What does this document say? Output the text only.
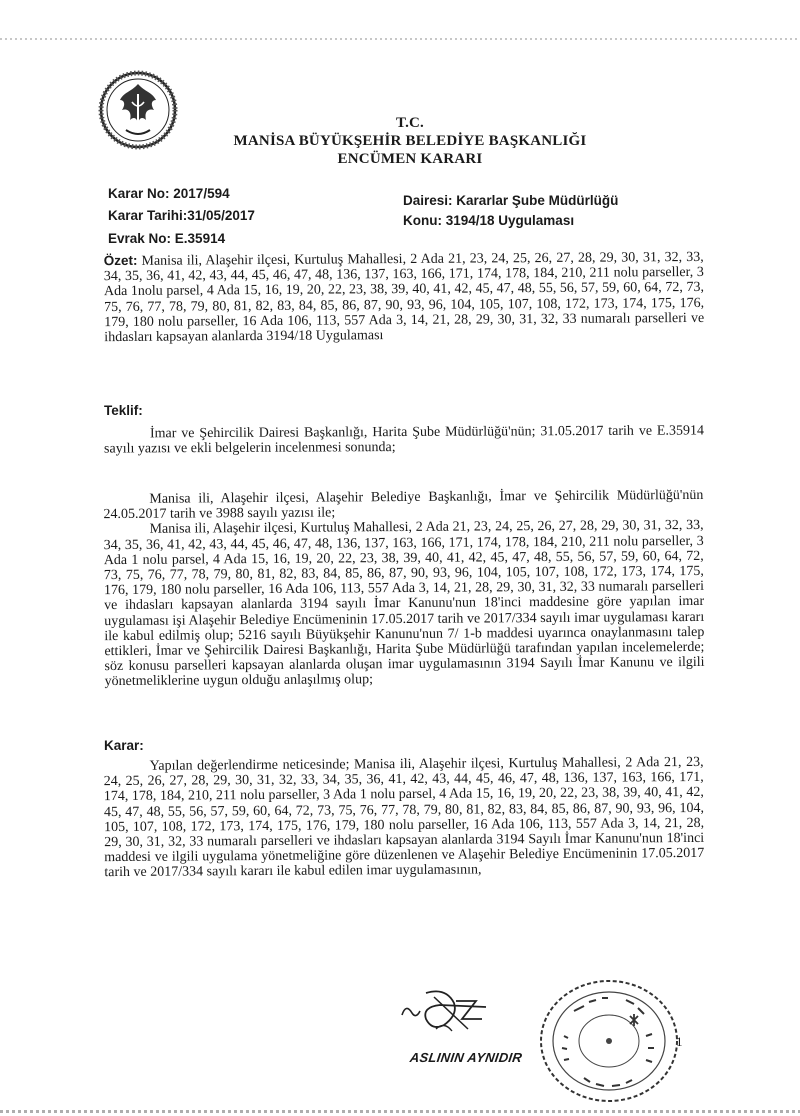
T.C.
MANİSA BÜYÜKŞEHİR BELEDİYE BAŞKANLIĞI
ENCÜMEN KARARI
Karar No: 2017/594
Karar Tarihi:31/05/2017
Evrak No: E.35914
Dairesi: Kararlar Şube Müdürlüğü
Konu: 3194/18 Uygulaması

Özet: Manisa ili, Alaşehir ilçesi, Kurtuluş Mahallesi, 2 Ada 21, 23, 24, 25, 26, 27, 28, 29, 30, 31, 32, 33, 34, 35, 36, 41, 42, 43, 44, 45, 46, 47, 48, 136, 137, 163, 166, 171, 174, 178, 184, 210, 211 nolu parseller, 3 Ada 1nolu parsel, 4 Ada 15, 16, 19, 20, 22, 23, 38, 39, 40, 41, 42, 45, 47, 48, 55, 56, 57, 59, 60, 64, 72, 73, 75, 76, 77, 78, 79, 80, 81, 82, 83, 84, 85, 86, 87, 90, 93, 96, 104, 105, 107, 108, 172, 173, 174, 175, 176, 179, 180 nolu parseller, 16 Ada 106, 113, 557 Ada 3, 14, 21, 28, 29, 30, 31, 32, 33 numaralı parselleri ve ihdasları kapsayan alanlarda 3194/18 Uygulaması

Teklif:

İmar ve Şehircilik Dairesi Başkanlığı, Harita Şube Müdürlüğü'nün; 31.05.2017 tarih ve E.35914 sayılı yazısı ve ekli belgelerin incelenmesi sonunda;

Manisa ili, Alaşehir ilçesi, Alaşehir Belediye Başkanlığı, İmar ve Şehircilik Müdürlüğü'nün 24.05.2017 tarih ve 3988 sayılı yazısı ile;

Manisa ili, Alaşehir ilçesi, Kurtuluş Mahallesi, 2 Ada 21, 23, 24, 25, 26, 27, 28, 29, 30, 31, 32, 33, 34, 35, 36, 41, 42, 43, 44, 45, 46, 47, 48, 136, 137, 163, 166, 171, 174, 178, 184, 210, 211 nolu parseller, 3 Ada 1 nolu parsel, 4 Ada 15, 16, 19, 20, 22, 23, 38, 39, 40, 41, 42, 45, 47, 48, 55, 56, 57, 59, 60, 64, 72, 73, 75, 76, 77, 78, 79, 80, 81, 82, 83, 84, 85, 86, 87, 90, 93, 96, 104, 105, 107, 108, 172, 173, 174, 175, 176, 179, 180 nolu parseller, 16 Ada 106, 113, 557 Ada 3, 14, 21, 28, 29, 30, 31, 32, 33 numaralı parselleri ve ihdasları kapsayan alanlarda 3194 sayılı İmar Kanunu'nun 18'inci maddesine göre yapılan imar uygulaması işi Alaşehir Belediye Encümeninin 17.05.2017 tarih ve 2017/334 sayılı imar uygulaması kararı ile kabul edilmiş olup; 5216 sayılı Büyükşehir Kanunu'nun 7/ 1-b maddesi uyarınca onaylanmasını talep ettikleri, İmar ve Şehircilik Dairesi Başkanlığı, Harita Şube Müdürlüğü tarafından yapılan incelemelerde; söz konusu parselleri kapsayan alanlarda oluşan imar uygulamasının 3194 Sayılı İmar Kanunu ve ilgili yönetmeliklerine uygun olduğu anlaşılmış olup;

Karar:

Yapılan değerlendirme neticesinde; Manisa ili, Alaşehir ilçesi, Kurtuluş Mahallesi, 2 Ada 21, 23, 24, 25, 26, 27, 28, 29, 30, 31, 32, 33, 34, 35, 36, 41, 42, 43, 44, 45, 46, 47, 48, 136, 137, 163, 166, 171, 174, 178, 184, 210, 211 nolu parseller, 3 Ada 1 nolu parsel, 4 Ada 15, 16, 19, 20, 22, 23, 38, 39, 40, 41, 42, 45, 47, 48, 55, 56, 57, 59, 60, 64, 72, 73, 75, 76, 77, 78, 79, 80, 81, 82, 83, 84, 85, 86, 87, 90, 93, 96, 104, 105, 107, 108, 172, 173, 174, 175, 176, 179, 180 nolu parseller, 16 Ada 106, 113, 557 Ada 3, 14, 21, 28, 29, 30, 31, 32, 33 numaralı parselleri ve ihdasları kapsayan alanlarda 3194 Sayılı İmar Kanunu'nun 18'inci maddesi ve ilgili uygulama yönetmeliğine göre düzenlenen ve Alaşehir Belediye Encümeninin 17.05.2017 tarih ve 2017/334 sayılı kararı ile kabul edilen imar uygulamasının,

ASLININ AYNIDIR
1
